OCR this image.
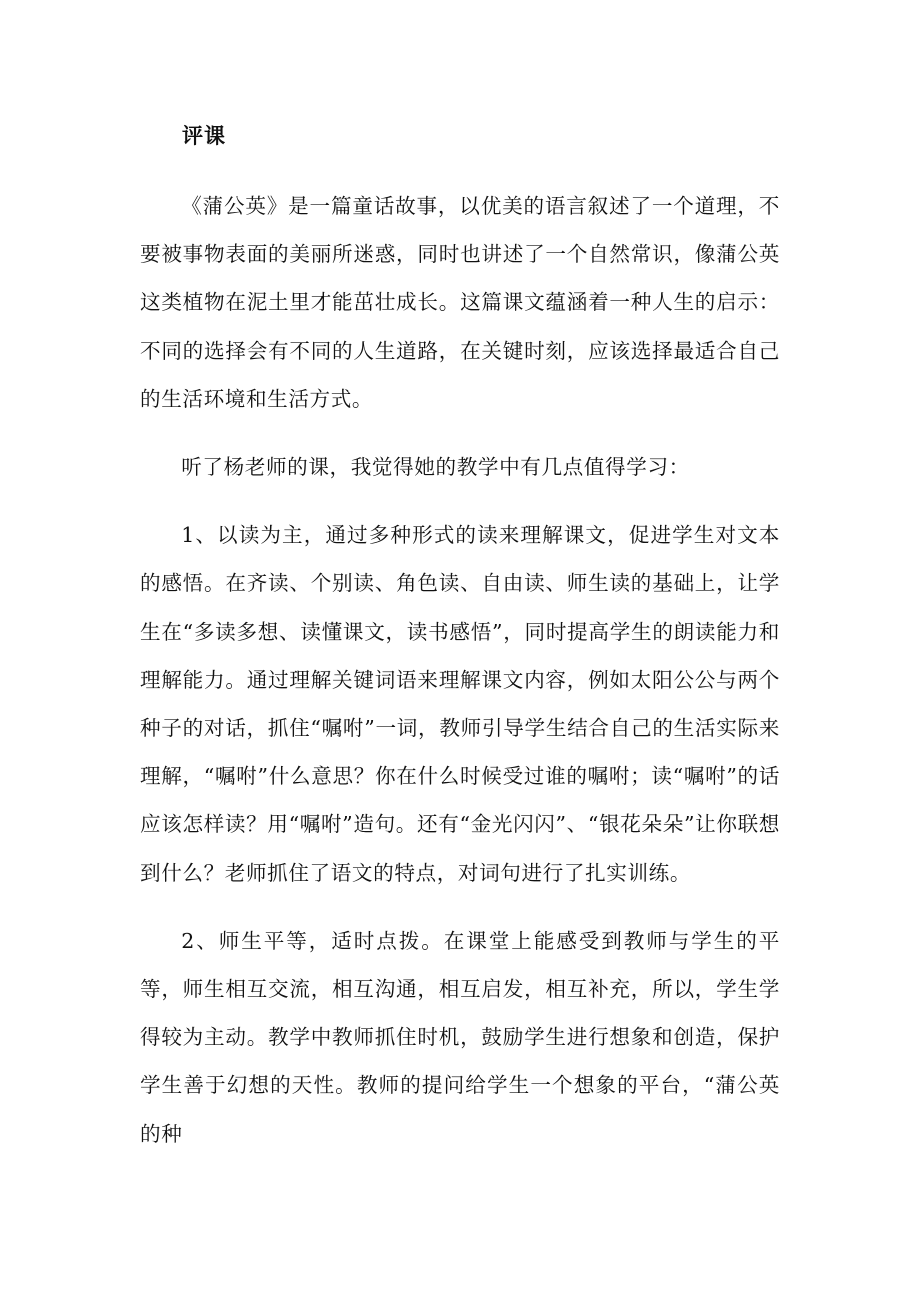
评课

《蒲公英》是一篇童话故事，以优美的语言叙述了一个道理，不要被事物表面的美丽所迷惑，同时也讲述了一个自然常识，像蒲公英这类植物在泥土里才能茁壮成长。这篇课文蕴涵着一种人生的启示：不同的选择会有不同的人生道路，在关键时刻，应该选择最适合自己的生活环境和生活方式。

听了杨老师的课，我觉得她的教学中有几点值得学习：

1、以读为主，通过多种形式的读来理解课文，促进学生对文本的感悟。在齐读、个别读、角色读、自由读、师生读的基础上，让学生在“多读多想、读懂课文，读书感悟”，同时提高学生的朗读能力和理解能力。通过理解关键词语来理解课文内容，例如太阳公公与两个种子的对话，抓住“嘱咐”一词，教师引导学生结合自己的生活实际来理解，“嘱咐”什么意思？你在什么时候受过谁的嘱咐；读“嘱咐”的话应该怎样读？用“嘱咐”造句。还有“金光闪闪”、“银花朵朵”让你联想到什么？老师抓住了语文的特点，对词句进行了扎实训练。

2、师生平等，适时点拨。在课堂上能感受到教师与学生的平等，师生相互交流，相互沟通，相互启发，相互补充，所以，学生学得较为主动。教学中教师抓住时机，鼓励学生进行想象和创造，保护学生善于幻想的天性。教师的提问给学生一个想象的平台，“蒲公英的种
